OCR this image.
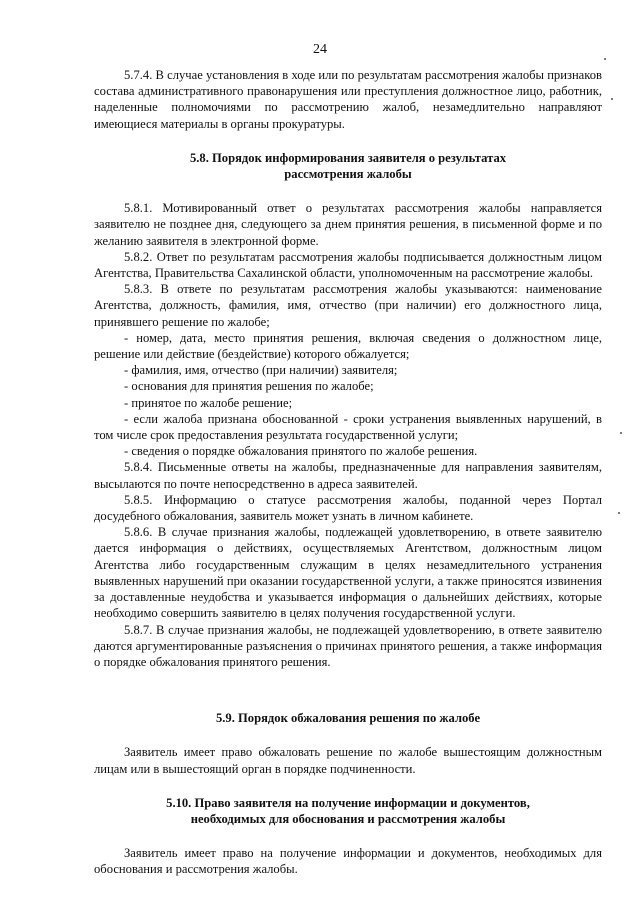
24

5.7.4. В случае установления в ходе или по результатам рассмотрения жалобы признаков состава административного правонарушения или преступления должностное лицо, работник, наделенные полномочиями по рассмотрению жалоб, незамедлительно направляют имеющиеся материалы в органы прокуратуры.

5.8. Порядок информирования заявителя о результатах
рассмотрения жалобы

5.8.1. Мотивированный ответ о результатах рассмотрения жалобы направляется заявителю не позднее дня, следующего за днем принятия решения, в письменной форме и по желанию заявителя в электронной форме.

5.8.2. Ответ по результатам рассмотрения жалобы подписывается должностным лицом Агентства, Правительства Сахалинской области, уполномоченным на рассмотрение жалобы.

5.8.3. В ответе по результатам рассмотрения жалобы указываются: наименование Агентства, должность, фамилия, имя, отчество (при наличии) его должностного лица, принявшего решение по жалобе;

- номер, дата, место принятия решения, включая сведения о должностном лице, решение или действие (бездействие) которого обжалуется;

- фамилия, имя, отчество (при наличии) заявителя;

- основания для принятия решения по жалобе;

- принятое по жалобе решение;

- если жалоба признана обоснованной - сроки устранения выявленных нарушений, в том числе срок предоставления результата государственной услуги;

- сведения о порядке обжалования принятого по жалобе решения.

5.8.4. Письменные ответы на жалобы, предназначенные для направления заявителям, высылаются по почте непосредственно в адреса заявителей.

5.8.5. Информацию о статусе рассмотрения жалобы, поданной через Портал досудебного обжалования, заявитель может узнать в личном кабинете.

5.8.6. В случае признания жалобы, подлежащей удовлетворению, в ответе заявителю дается информация о действиях, осуществляемых Агентством, должностным лицом Агентства либо государственным служащим в целях незамедлительного устранения выявленных нарушений при оказании государственной услуги, а также приносятся извинения за доставленные неудобства и указывается информация о дальнейших действиях, которые необходимо совершить заявителю в целях получения государственной услуги.

5.8.7. В случае признания жалобы, не подлежащей удовлетворению, в ответе заявителю даются аргументированные разъяснения о причинах принятого решения, а также информация о порядке обжалования принятого решения.

5.9. Порядок обжалования решения по жалобе

Заявитель имеет право обжаловать решение по жалобе вышестоящим должностным лицам или в вышестоящий орган в порядке подчиненности.

5.10. Право заявителя на получение информации и документов,
необходимых для обоснования и рассмотрения жалобы

Заявитель имеет право на получение информации и документов, необходимых для обоснования и рассмотрения жалобы.
